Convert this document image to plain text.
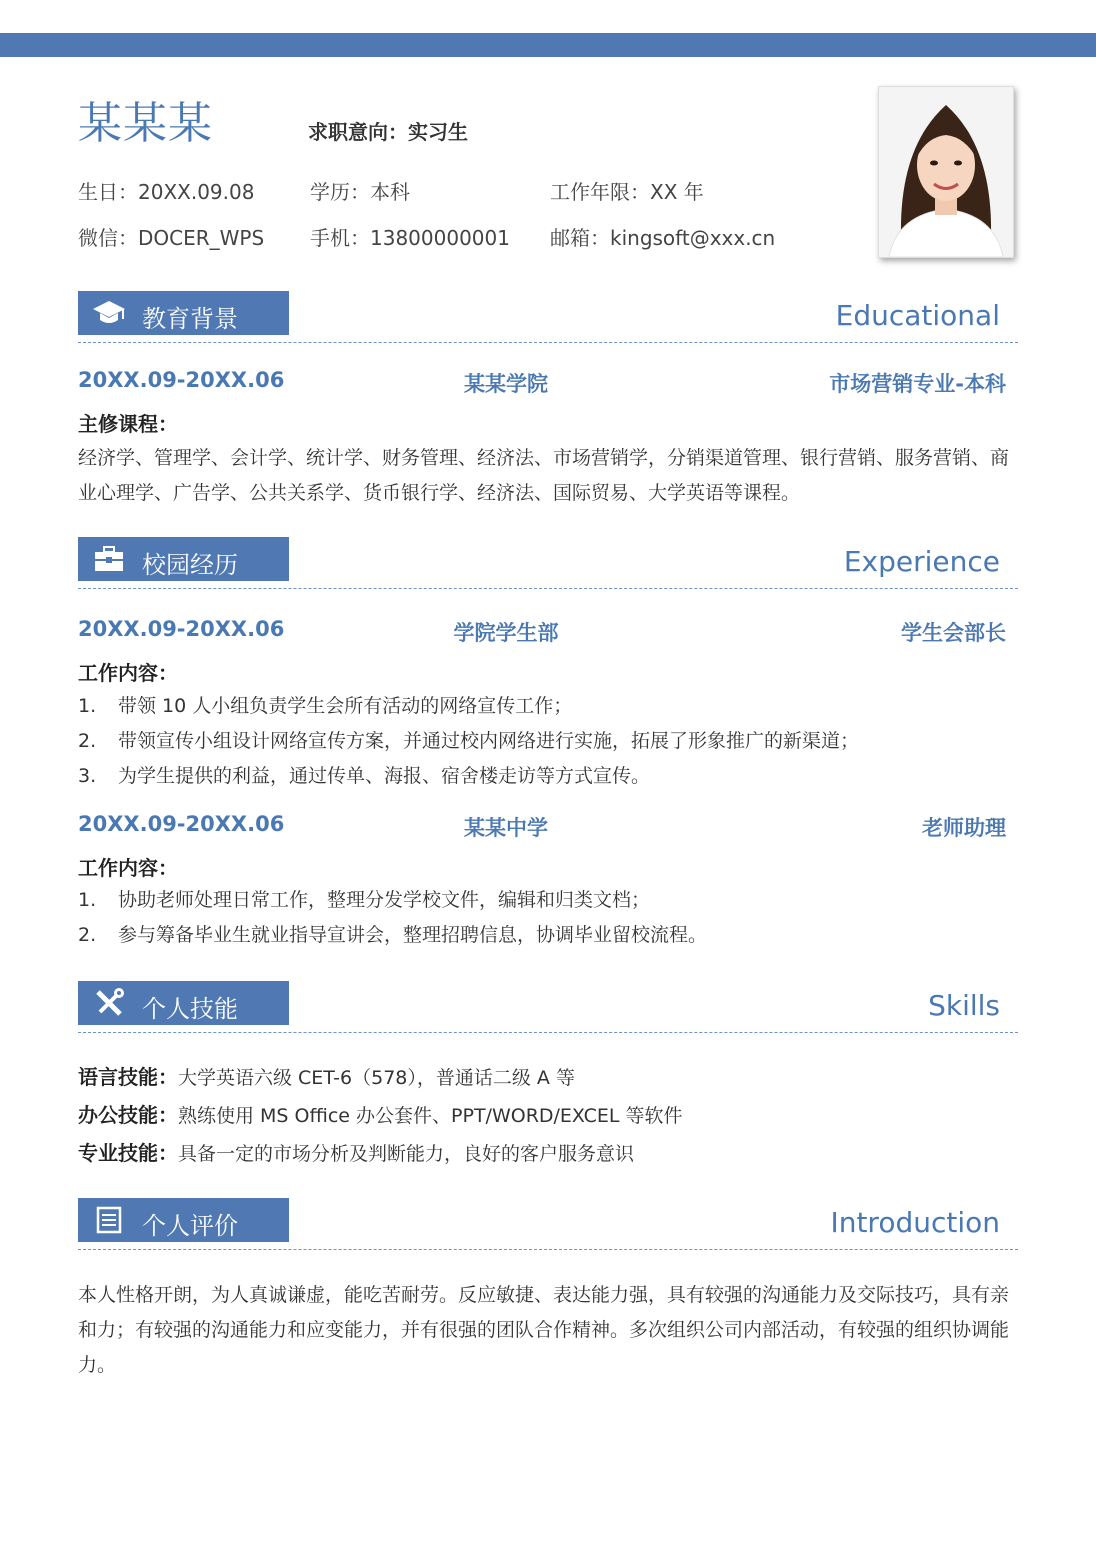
某某某	求职意向：实习生
生日：20XX.09.08	学历：本科	工作年限：XX 年
微信：DOCER_WPS 手机：13800000001 邮箱：kingsoft@xxx.cn
教育背景	Educational
20XX.09-20XX.06	某某学院	市场营销专业-本科
主修课程：
经济学、管理学、会计学、统计学、财务管理、经济法、市场营销学，分销渠道管理、银行营销、服务营销、商业心理学、广告学、公共关系学、货币银行学、经济法、国际贸易、大学英语等课程。
校园经历	Experience
20XX.09-20XX.06	学院学生部	学生会部长
工作内容：
1. 带领 10 人小组负责学生会所有活动的网络宣传工作；
2. 带领宣传小组设计网络宣传方案，并通过校内网络进行实施，拓展了形象推广的新渠道；
3. 为学生提供的利益，通过传单、海报、宿舍楼走访等方式宣传。
20XX.09-20XX.06	某某中学	老师助理
工作内容：
1. 协助老师处理日常工作，整理分发学校文件，编辑和归类文档；
2. 参与筹备毕业生就业指导宣讲会，整理招聘信息，协调毕业留校流程。
个人技能	Skills
语言技能：大学英语六级 CET-6（578），普通话二级 A 等
办公技能：熟练使用 MS Office 办公套件、PPT/WORD/EXCEL 等软件
专业技能：具备一定的市场分析及判断能力，良好的客户服务意识
个人评价	Introduction
本人性格开朗，为人真诚谦虚，能吃苦耐劳。反应敏捷、表达能力强，具有较强的沟通能力及交际技巧，具有亲和力；有较强的沟通能力和应变能力，并有很强的团队合作精神。多次组织公司内部活动，有较强的组织协调能力。
